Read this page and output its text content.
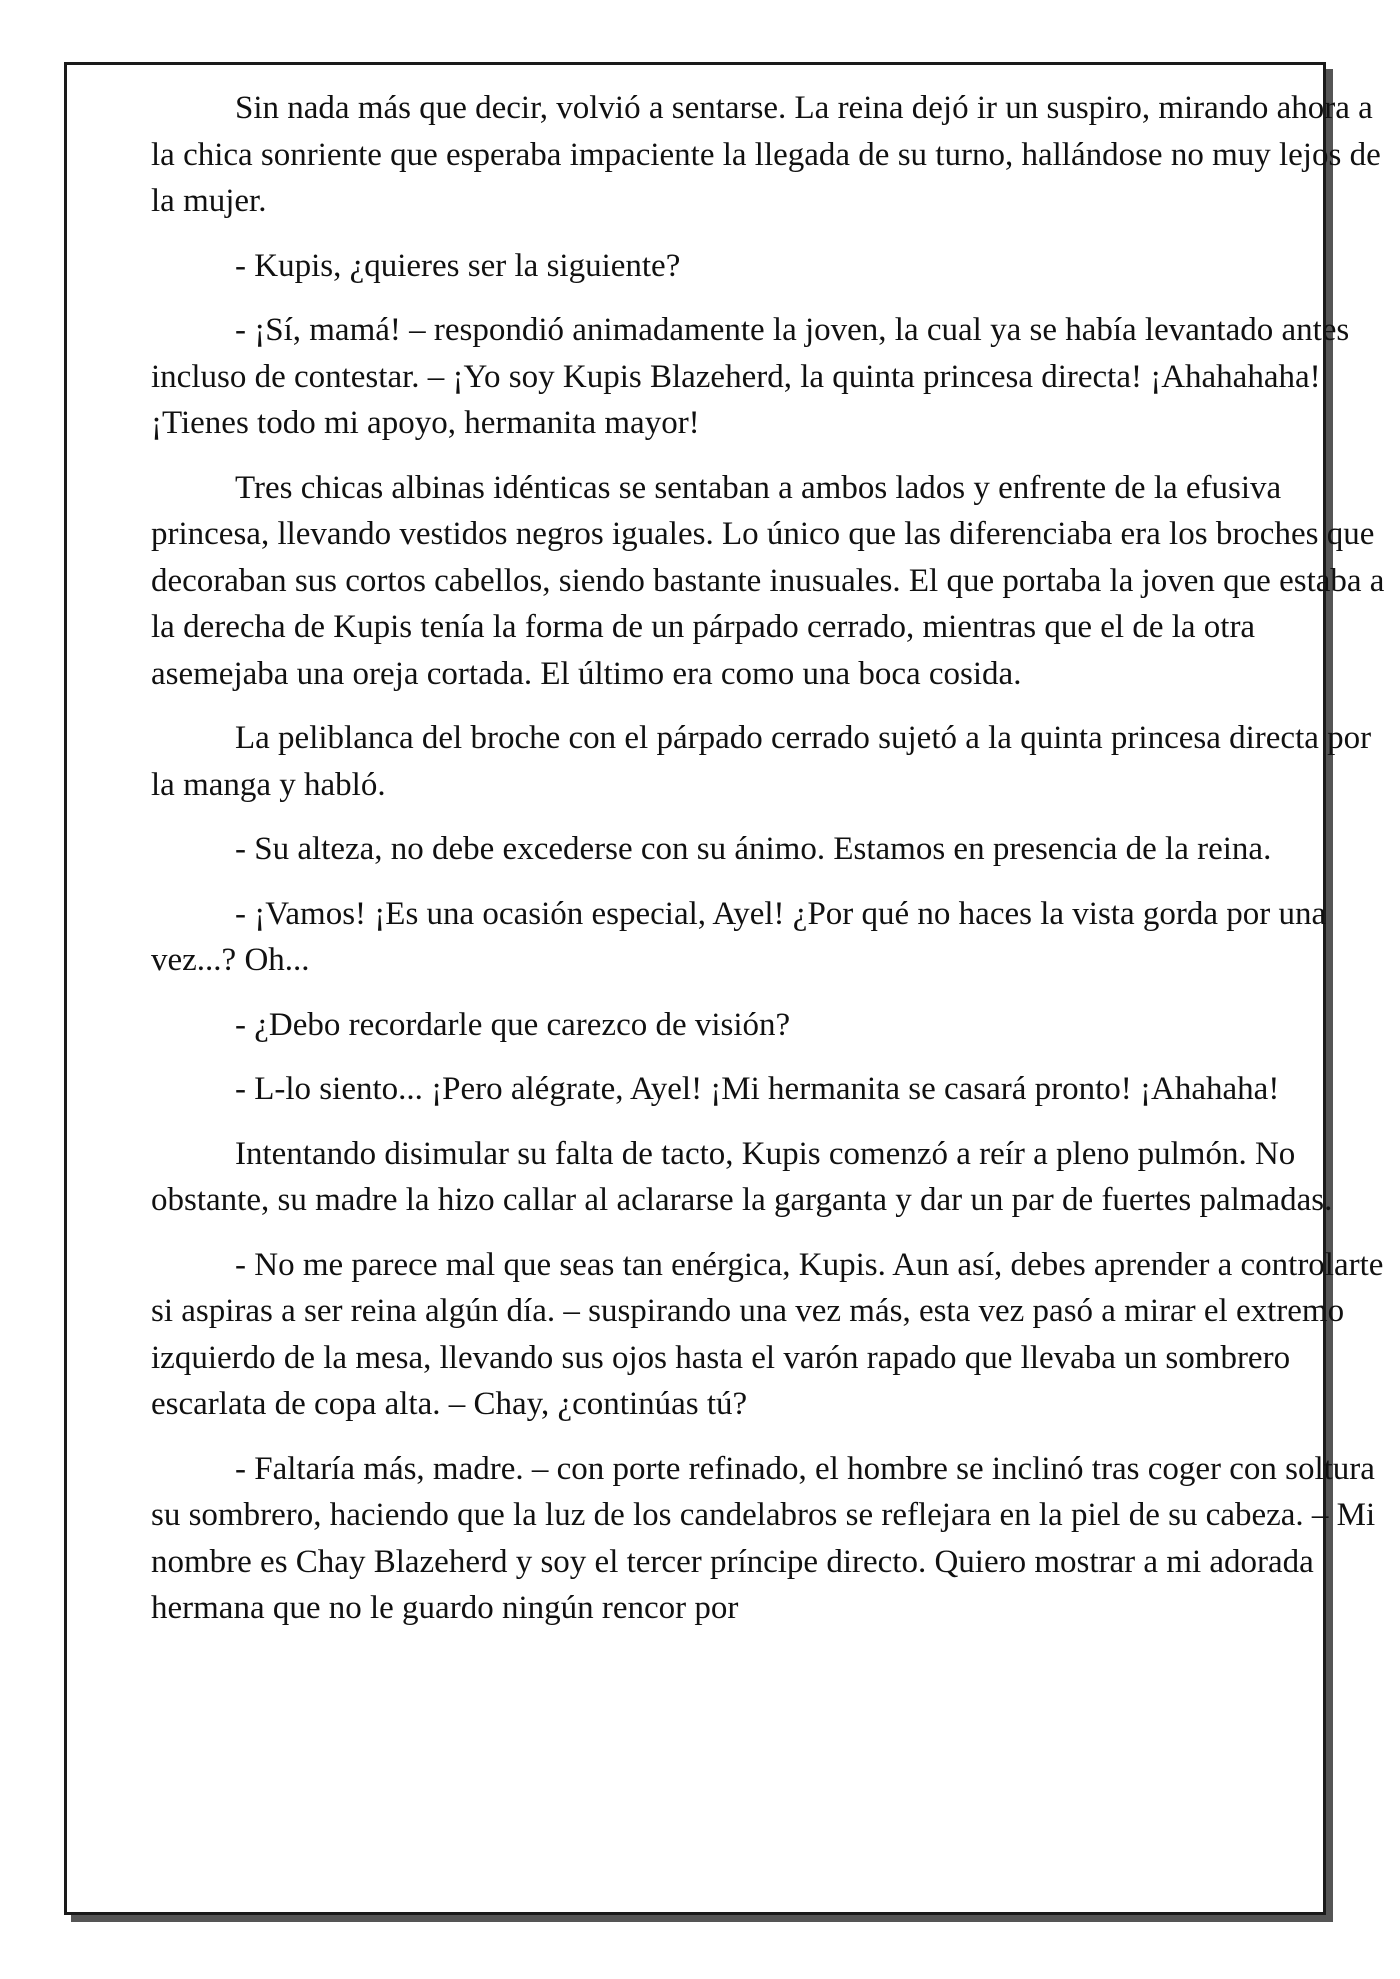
Sin nada más que decir, volvió a sentarse. La reina dejó ir un suspiro, mirando ahora a la chica sonriente que esperaba impaciente la llegada de su turno, hallándose no muy lejos de la mujer.

- Kupis, ¿quieres ser la siguiente?

- ¡Sí, mamá! – respondió animadamente la joven, la cual ya se había levantado antes incluso de contestar. – ¡Yo soy Kupis Blazeherd, la quinta princesa directa! ¡Ahahahaha! ¡Tienes todo mi apoyo, hermanita mayor!

Tres chicas albinas idénticas se sentaban a ambos lados y enfrente de la efusiva princesa, llevando vestidos negros iguales. Lo único que las diferenciaba era los broches que decoraban sus cortos cabellos, siendo bastante inusuales. El que portaba la joven que estaba a la derecha de Kupis tenía la forma de un párpado cerrado, mientras que el de la otra asemejaba una oreja cortada. El último era como una boca cosida.

La peliblanca del broche con el párpado cerrado sujetó a la quinta princesa directa por la manga y habló.

- Su alteza, no debe excederse con su ánimo. Estamos en presencia de la reina.

- ¡Vamos! ¡Es una ocasión especial, Ayel! ¿Por qué no haces la vista gorda por una vez...? Oh...

- ¿Debo recordarle que carezco de visión?

- L-lo siento... ¡Pero alégrate, Ayel! ¡Mi hermanita se casará pronto! ¡Ahahaha!

Intentando disimular su falta de tacto, Kupis comenzó a reír a pleno pulmón. No obstante, su madre la hizo callar al aclararse la garganta y dar un par de fuertes palmadas.

- No me parece mal que seas tan enérgica, Kupis. Aun así, debes aprender a controlarte si aspiras a ser reina algún día. – suspirando una vez más, esta vez pasó a mirar el extremo izquierdo de la mesa, llevando sus ojos hasta el varón rapado que llevaba un sombrero escarlata de copa alta. – Chay, ¿continúas tú?

- Faltaría más, madre. – con porte refinado, el hombre se inclinó tras coger con soltura su sombrero, haciendo que la luz de los candelabros se reflejara en la piel de su cabeza. – Mi nombre es Chay Blazeherd y soy el tercer príncipe directo. Quiero mostrar a mi adorada hermana que no le guardo ningún rencor por
